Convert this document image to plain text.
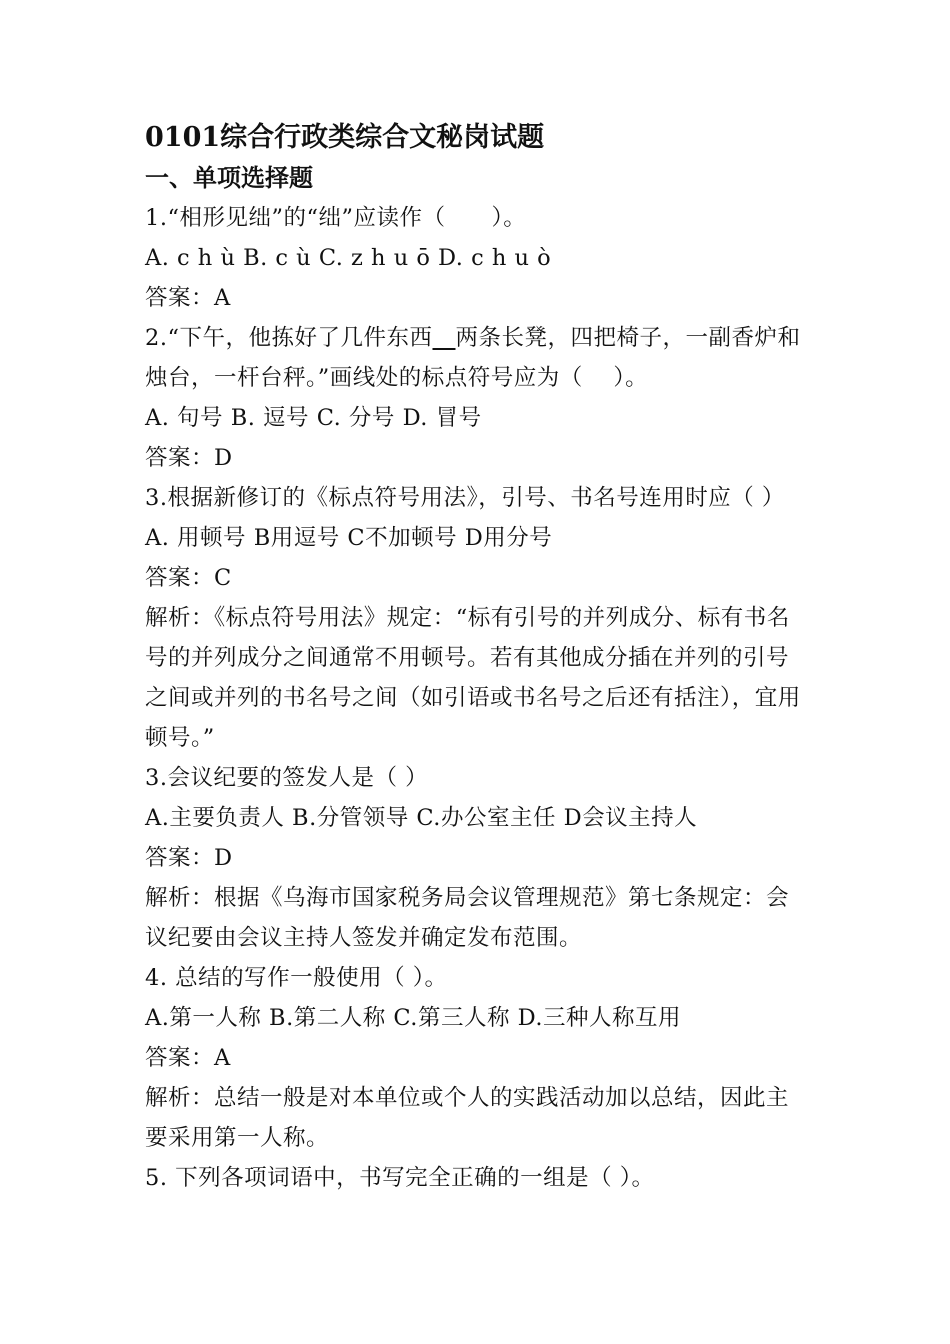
0101综合行政类综合文秘岗试题
一、单项选择题

1.“相形见绌”的“绌”应读作（　　）。

A. c h ù B. c ù C. z h u ō D. c h u ò

答案：A

2.“下午，他拣好了几件东西　 两条长凳，四把椅子，一副香炉和烛台，一杆台秤。”画线处的标点符号应为（　 ）。

A. 句号 B. 逗号 C. 分号 D. 冒号

答案：D

3.根据新修订的《标点符号用法》，引号、书名号连用时应（ ）

A. 用顿号 B用逗号 C不加顿号 D用分号

答案：C

解析：《标点符号用法》规定：“标有引号的并列成分、标有书名号的并列成分之间通常不用顿号。若有其他成分插在并列的引号之间或并列的书名号之间（如引语或书名号之后还有括注），宜用顿号。”

3.会议纪要的签发人是（ ）

A.主要负责人 B.分管领导 C.办公室主任 D会议主持人

答案：D

解析：根据《乌海市国家税务局会议管理规范》第七条规定：会议纪要由会议主持人签发并确定发布范围。

4. 总结的写作一般使用（ ）。

A.第一人称 B.第二人称 C.第三人称 D.三种人称互用

答案：A

解析：总结一般是对本单位或个人的实践活动加以总结，因此主要采用第一人称。

5. 下列各项词语中，书写完全正确的一组是（ ）。
